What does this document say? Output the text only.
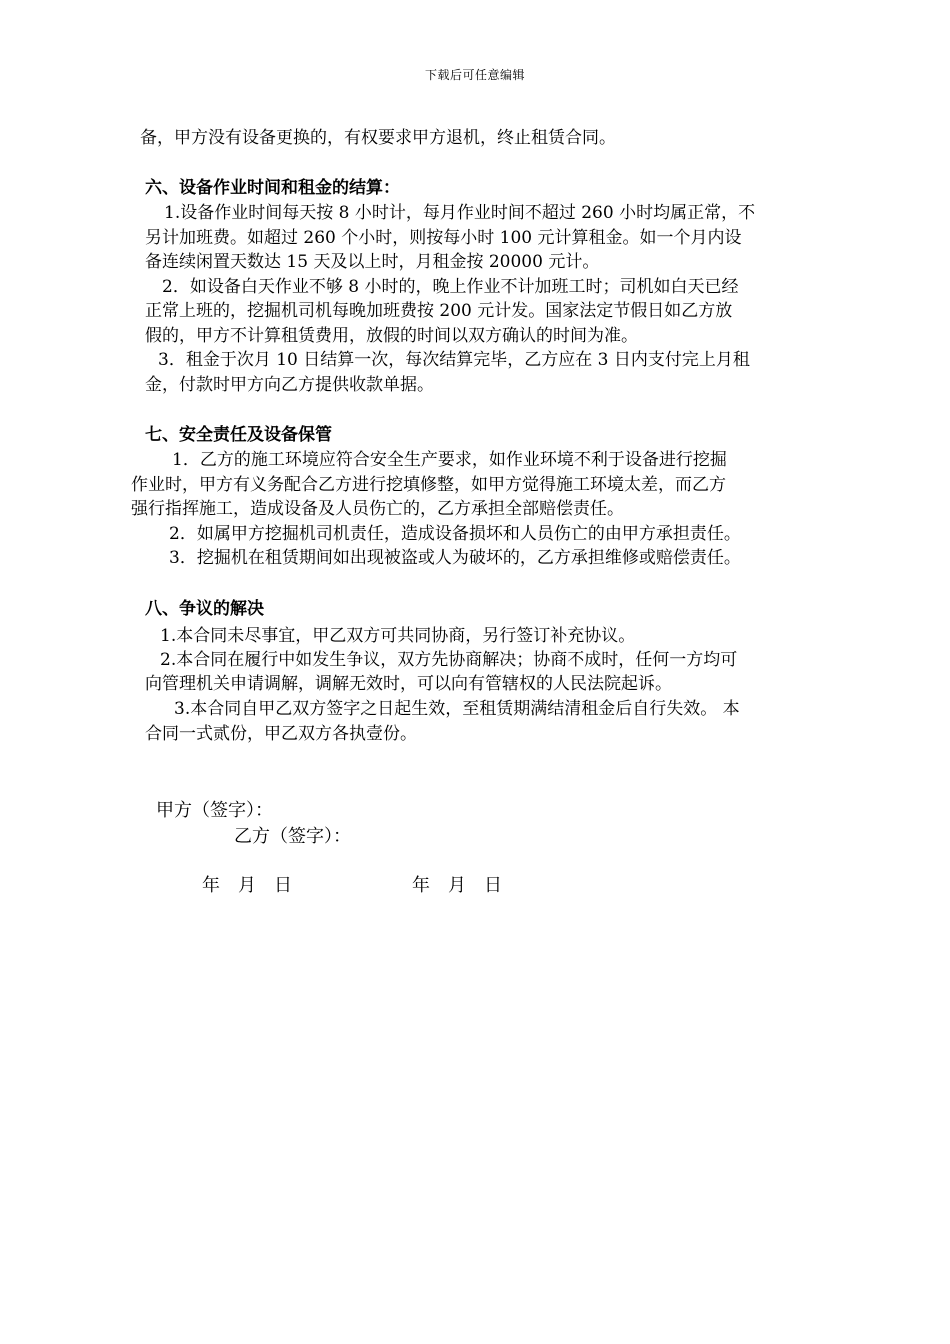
下载后可任意编辑
备，甲方没有设备更换的，有权要求甲方退机，终止租赁合同。
六、设备作业时间和租金的结算：
1.设备作业时间每天按 8 小时计，每月作业时间不超过 260 小时均属正常，不
另计加班费。如超过 260 个小时，则按每小时 100 元计算租金。如一个月内设
备连续闲置天数达 15 天及以上时，月租金按 20000 元计。
2．如设备白天作业不够 8 小时的，晚上作业不计加班工时；司机如白天已经
正常上班的，挖掘机司机每晚加班费按 200 元计发。国家法定节假日如乙方放
假的，甲方不计算租赁费用，放假的时间以双方确认的时间为准。
3．租金于次月 10 日结算一次，每次结算完毕，乙方应在 3 日内支付完上月租
金，付款时甲方向乙方提供收款单据。
七、安全责任及设备保管
1．乙方的施工环境应符合安全生产要求，如作业环境不利于设备进行挖掘
作业时，甲方有义务配合乙方进行挖填修整，如甲方觉得施工环境太差，而乙方
强行指挥施工，造成设备及人员伤亡的，乙方承担全部赔偿责任。
2．如属甲方挖掘机司机责任，造成设备损坏和人员伤亡的由甲方承担责任。
3．挖掘机在租赁期间如出现被盗或人为破坏的，乙方承担维修或赔偿责任。
八、争议的解决
1.本合同未尽事宜，甲乙双方可共同协商，另行签订补充协议。
2.本合同在履行中如发生争议，双方先协商解决；协商不成时，任何一方均可
向管理机关申请调解，调解无效时，可以向有管辖权的人民法院起诉。
3.本合同自甲乙双方签字之日起生效，至租赁期满结清租金后自行失效。 本
合同一式贰份，甲乙双方各执壹份。
甲方（签字）：
乙方（签字）：
年　月　日	年　月　日
